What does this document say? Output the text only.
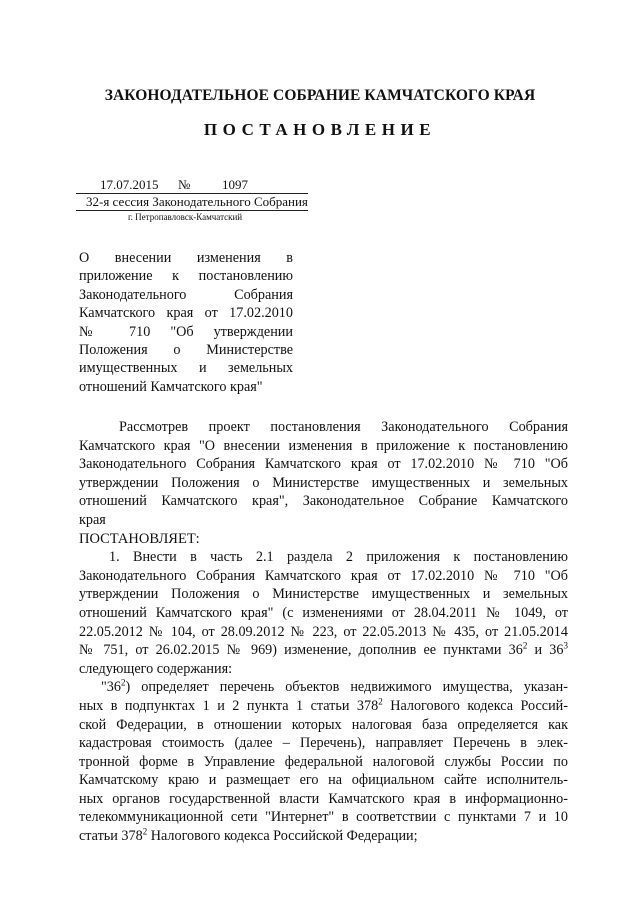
ЗАКОНОДАТЕЛЬНОЕ СОБРАНИЕ КАМЧАТСКОГО КРАЯ
ПОСТАНОВЛЕНИЕ
17.07.2015 № 1097
32-я сессия Законодательного Собрания
г. Петропавловск-Камчатский
О внесении изменения в
приложение к постановлению
Законодательного Собрания
Камчатского края от 17.02.2010
№ 710 "Об утверждении
Положения о Министерстве
имущественных и земельных
отношений Камчатского края"
Рассмотрев проект постановления Законодательного Собрания
Камчатского края "О внесении изменения в приложение к постановлению
Законодательного Собрания Камчатского края от 17.02.2010 № 710 "Об
утверждении Положения о Министерстве имущественных и земельных
отношений Камчатского края", Законодательное Собрание Камчатского
края
ПОСТАНОВЛЯЕТ:
1. Внести в часть 2.1 раздела 2 приложения к постановлению
Законодательного Собрания Камчатского края от 17.02.2010 № 710 "Об
утверждении Положения о Министерстве имущественных и земельных
отношений Камчатского края" (с изменениями от 28.04.2011 № 1049, от
22.05.2012 № 104, от 28.09.2012 № 223, от 22.05.2013 № 435, от 21.05.2014
№ 751, от 26.02.2015 № 969) изменение, дополнив ее пунктами $36^2$ и $36^3$
следующего содержания:
"$36^2$) определяет перечень объектов недвижимого имущества, указан-
ных в подпунктах 1 и 2 пункта 1 статьи $378^2$ Налогового кодекса Россий-
ской Федерации, в отношении которых налоговая база определяется как
кадастровая стоимость (далее – Перечень), направляет Перечень в элек-
тронной форме в Управление федеральной налоговой службы России по
Камчатскому краю и размещает его на официальном сайте исполнитель-
ных органов государственной власти Камчатского края в информационно-
телекоммуникационной сети "Интернет" в соответствии с пунктами 7 и 10
статьи $378^2$ Налогового кодекса Российской Федерации;
